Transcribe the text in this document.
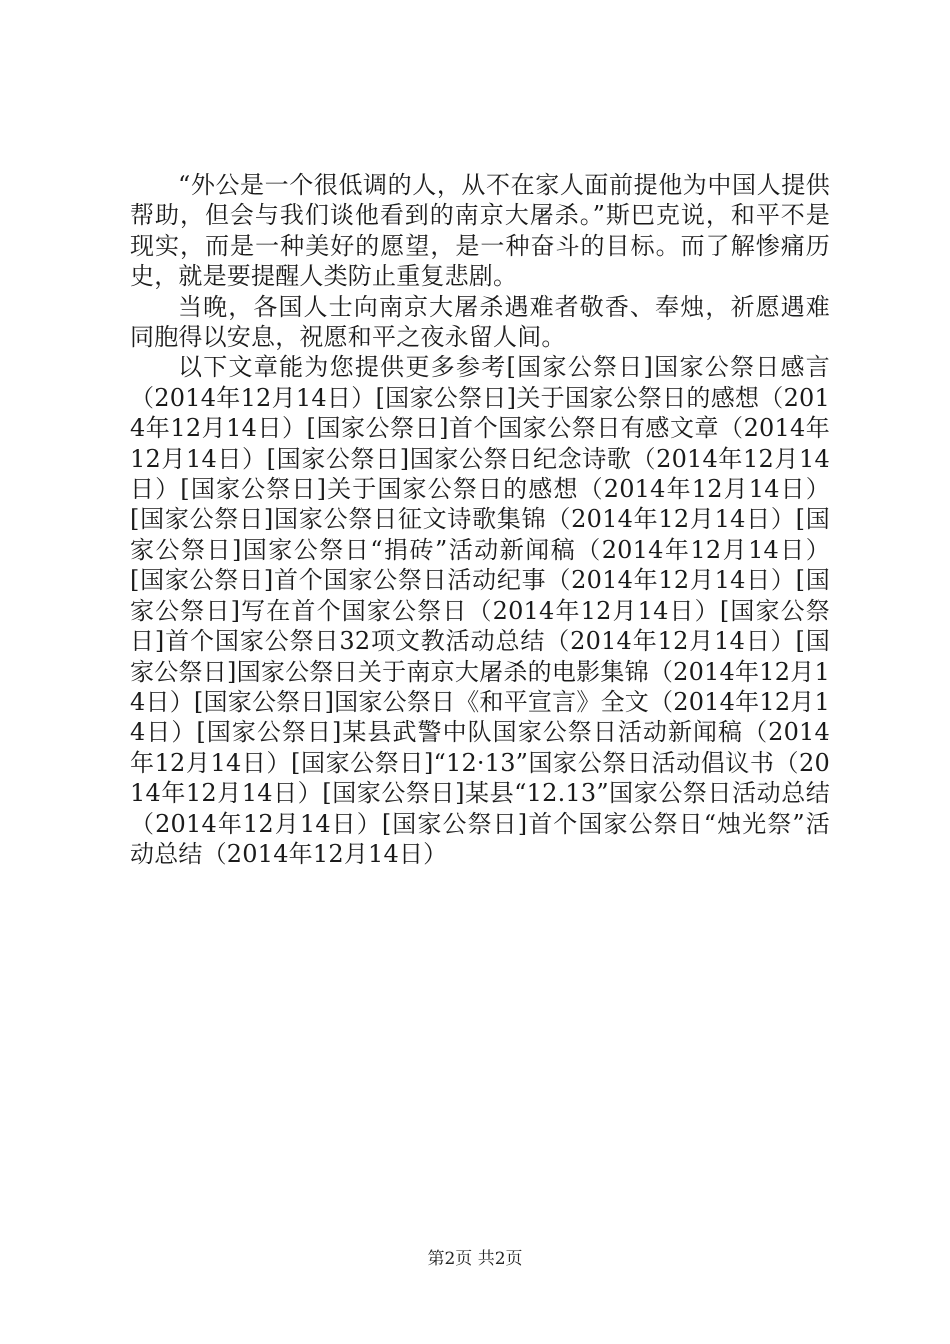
“外公是一个很低调的人，从不在家人面前提他为中国人提供帮助，但会与我们谈他看到的南京大屠杀。”斯巴克说，和平不是现实，而是一种美好的愿望，是一种奋斗的目标。而了解惨痛历史，就是要提醒人类防止重复悲剧。

当晚，各国人士向南京大屠杀遇难者敬香、奉烛，祈愿遇难同胞得以安息，祝愿和平之夜永留人间。

以下文章能为您提供更多参考[国家公祭日]国家公祭日感言（2014年12月14日）[国家公祭日]关于国家公祭日的感想（2014年12月14日）[国家公祭日]首个国家公祭日有感文章（2014年12月14日）[国家公祭日]国家公祭日纪念诗歌（2014年12月14日）[国家公祭日]关于国家公祭日的感想（2014年12月14日）[国家公祭日]国家公祭日征文诗歌集锦（2014年12月14日）[国家公祭日]国家公祭日“捐砖”活动新闻稿（2014年12月14日）[国家公祭日]首个国家公祭日活动纪事（2014年12月14日）[国家公祭日]写在首个国家公祭日（2014年12月14日）[国家公祭日]首个国家公祭日32项文教活动总结（2014年12月14日）[国家公祭日]国家公祭日关于南京大屠杀的电影集锦（2014年12月14日）[国家公祭日]国家公祭日《和平宣言》全文（2014年12月14日）[国家公祭日]某县武警中队国家公祭日活动新闻稿（2014年12月14日）[国家公祭日]“12·13”国家公祭日活动倡议书（2014年12月14日）[国家公祭日]某县“12.13”国家公祭日活动总结（2014年12月14日）[国家公祭日]首个国家公祭日“烛光祭”活动总结（2014年12月14日）

第2页 共2页
